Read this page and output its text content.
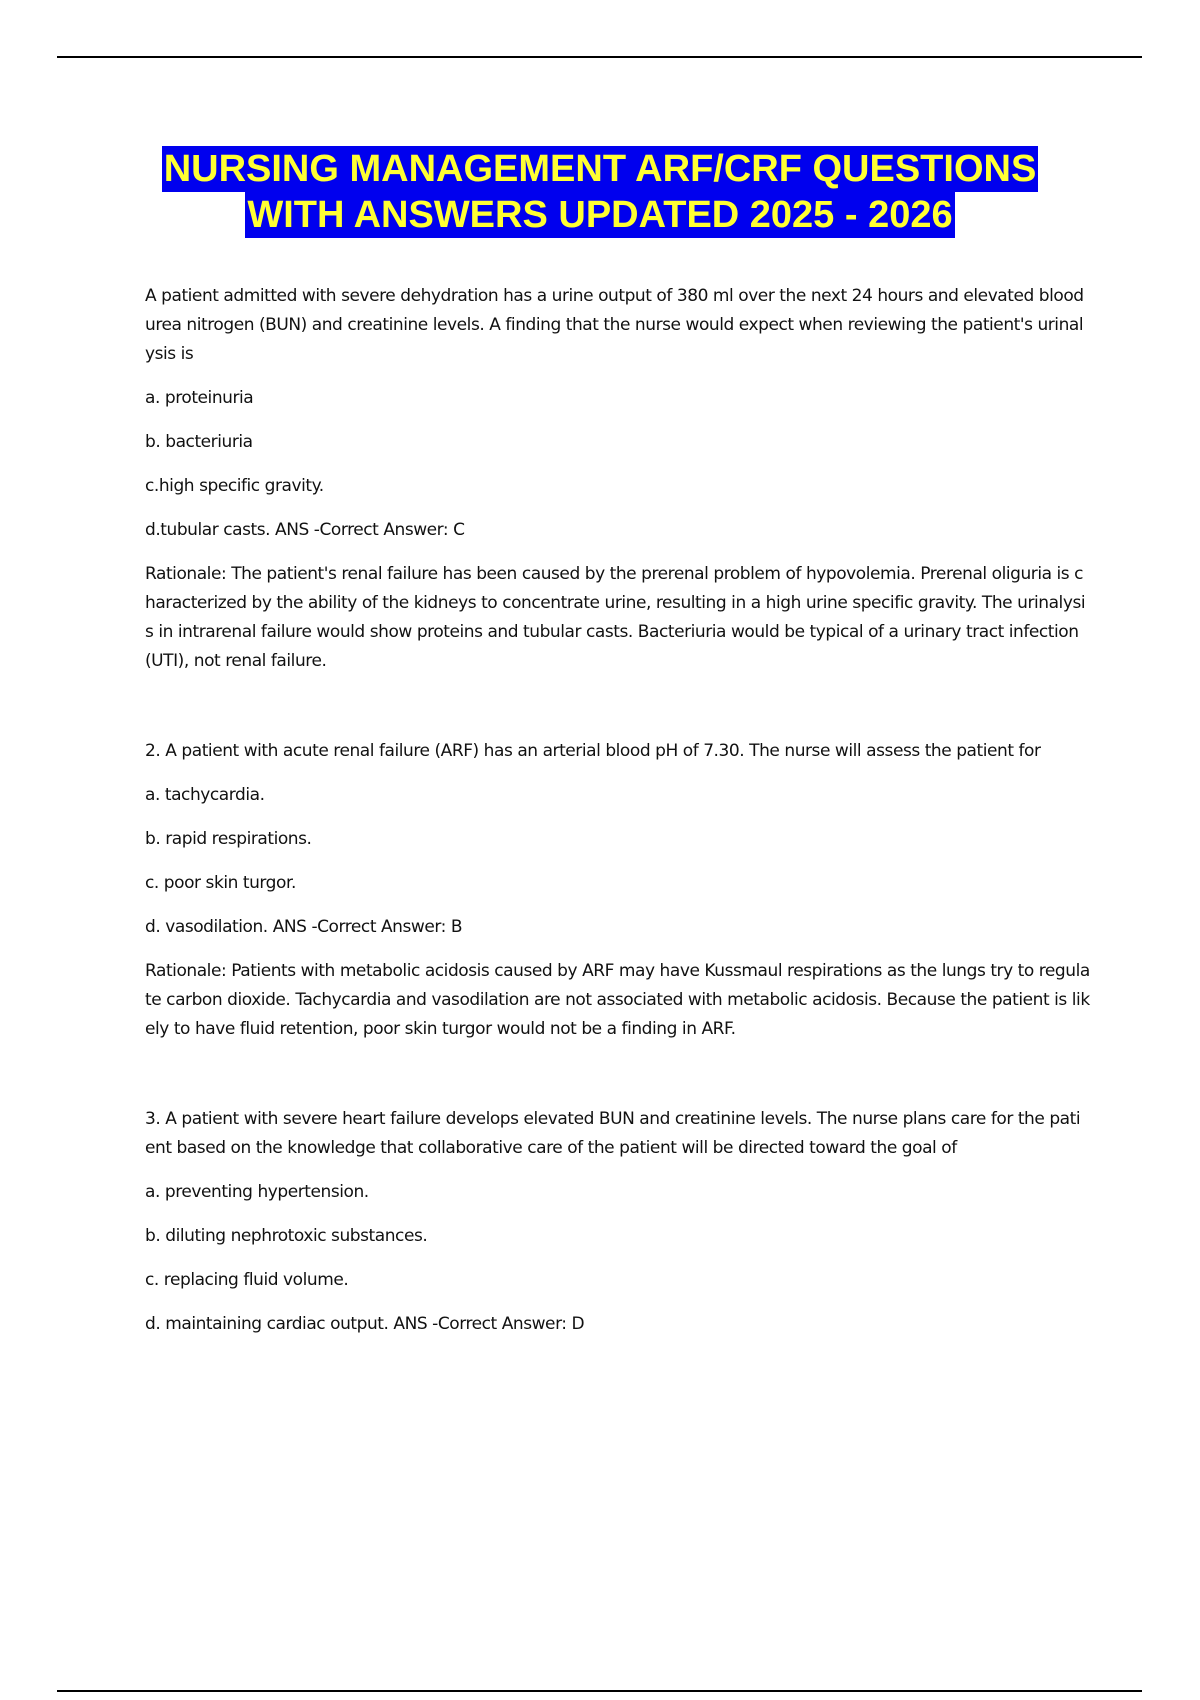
NURSING MANAGEMENT ARF/CRF QUESTIONS
WITH ANSWERS UPDATED 2025 - 2026

A patient admitted with severe dehydration has a urine output of 380 ml over the next 24 hours and elevated blood urea nitrogen (BUN) and creatinine levels. A finding that the nurse would expect when reviewing the patient's urinalysis is

a. proteinuria

b. bacteriuria

c.high specific gravity.

d.tubular casts. ANS -Correct Answer: C

Rationale: The patient's renal failure has been caused by the prerenal problem of hypovolemia. Prerenal oliguria is characterized by the ability of the kidneys to concentrate urine, resulting in a high urine specific gravity. The urinalysis in intrarenal failure would show proteins and tubular casts. Bacteriuria would be typical of a urinary tract infection (UTI), not renal failure.

2. A patient with acute renal failure (ARF) has an arterial blood pH of 7.30. The nurse will assess the patient for

a. tachycardia.

b. rapid respirations.

c. poor skin turgor.

d. vasodilation. ANS -Correct Answer: B

Rationale: Patients with metabolic acidosis caused by ARF may have Kussmaul respirations as the lungs try to regulate carbon dioxide. Tachycardia and vasodilation are not associated with metabolic acidosis. Because the patient is likely to have fluid retention, poor skin turgor would not be a finding in ARF.

3. A patient with severe heart failure develops elevated BUN and creatinine levels. The nurse plans care for the patient based on the knowledge that collaborative care of the patient will be directed toward the goal of

a. preventing hypertension.

b. diluting nephrotoxic substances.

c. replacing fluid volume.

d. maintaining cardiac output. ANS -Correct Answer: D
